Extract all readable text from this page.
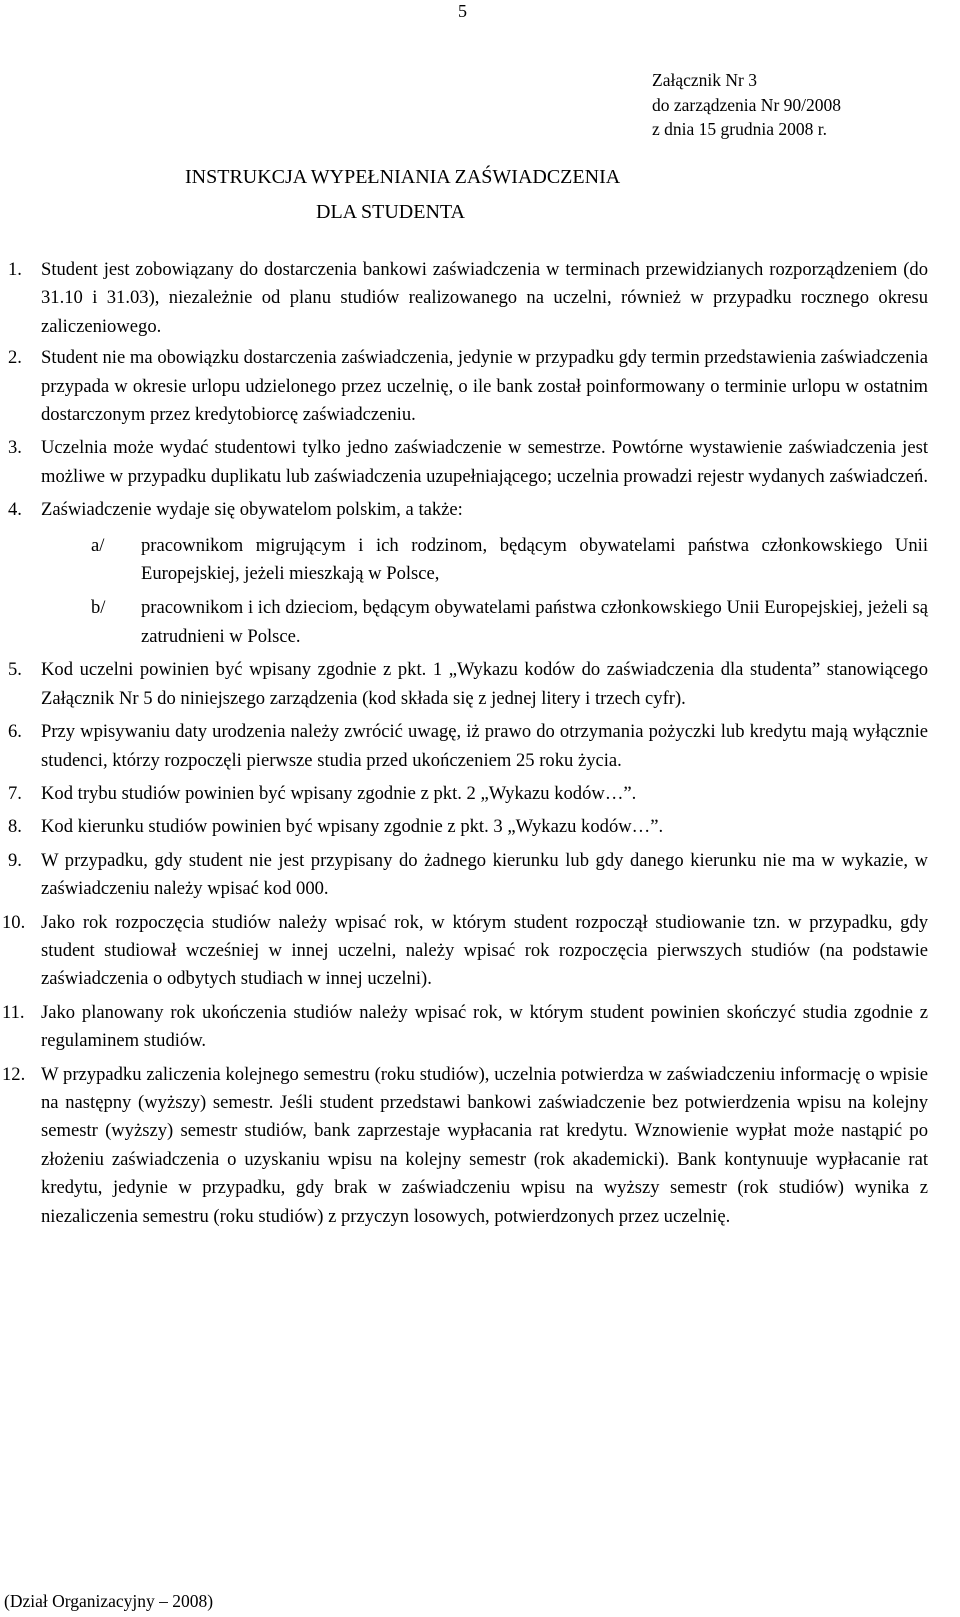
5
Załącznik Nr 3
do zarządzenia Nr 90/2008
z dnia 15 grudnia 2008 r.
INSTRUKCJA WYPEŁNIANIA ZAŚWIADCZENIA
DLA STUDENTA
1. Student jest zobowiązany do dostarczenia bankowi zaświadczenia w terminach przewidzianych rozporządzeniem (do 31.10 i 31.03), niezależnie od planu studiów realizowanego na uczelni, również w przypadku rocznego okresu zaliczeniowego.

2. Student nie ma obowiązku dostarczenia zaświadczenia, jedynie w przypadku gdy termin przedstawienia zaświadczenia przypada w okresie urlopu udzielonego przez uczelnię, o ile bank został poinformowany o terminie urlopu w ostatnim dostarczonym przez kredytobiorcę zaświadczeniu.

3. Uczelnia może wydać studentowi tylko jedno zaświadczenie w semestrze. Powtórne wystawienie zaświadczenia jest możliwe w przypadku duplikatu lub zaświadczenia uzupełniającego; uczelnia prowadzi rejestr wydanych zaświadczeń.

4. Zaświadczenie wydaje się obywatelom polskim, a także:

a/ pracownikom migrującym i ich rodzinom, będącym obywatelami państwa członkowskiego Unii Europejskiej, jeżeli mieszkają w Polsce,
b/ pracownikom i ich dzieciom, będącym obywatelami państwa członkowskiego Unii Europejskiej, jeżeli są zatrudnieni w Polsce.
5. Kod uczelni powinien być wpisany zgodnie z pkt. 1 „Wykazu kodów do zaświadczenia dla studenta” stanowiącego Załącznik Nr 5 do niniejszego zarządzenia (kod składa się z jednej litery i trzech cyfr).

6. Przy wpisywaniu daty urodzenia należy zwrócić uwagę, iż prawo do otrzymania pożyczki lub kredytu mają wyłącznie studenci, którzy rozpoczęli pierwsze studia przed ukończeniem 25 roku życia.

7. Kod trybu studiów powinien być wpisany zgodnie z pkt. 2 „Wykazu kodów…”.

8. Kod kierunku studiów powinien być wpisany zgodnie z pkt. 3 „Wykazu kodów…”.

9. W przypadku, gdy student nie jest przypisany do żadnego kierunku lub gdy danego kierunku nie ma w wykazie, w zaświadczeniu należy wpisać kod 000.

10. Jako rok rozpoczęcia studiów należy wpisać rok, w którym student rozpoczął studiowanie tzn. w przypadku, gdy student studiował wcześniej w innej uczelni, należy wpisać rok rozpoczęcia pierwszych studiów (na podstawie zaświadczenia o odbytych studiach w innej uczelni).

11. Jako planowany rok ukończenia studiów należy wpisać rok, w którym student powinien skończyć studia zgodnie z regulaminem studiów.

12. W przypadku zaliczenia kolejnego semestru (roku studiów), uczelnia potwierdza w zaświadczeniu informację o wpisie na następny (wyższy) semestr. Jeśli student przedstawi bankowi zaświadczenie bez potwierdzenia wpisu na kolejny semestr (wyższy) semestr studiów, bank zaprzestaje wypłacania rat kredytu. Wznowienie wypłat może nastąpić po złożeniu zaświadczenia o uzyskaniu wpisu na kolejny semestr (rok akademicki). Bank kontynuuje wypłacanie rat kredytu, jedynie w przypadku, gdy brak w zaświadczeniu wpisu na wyższy semestr (rok studiów) wynika z niezaliczenia semestru (roku studiów) z przyczyn losowych, potwierdzonych przez uczelnię.

(Dział Organizacyjny – 2008)
